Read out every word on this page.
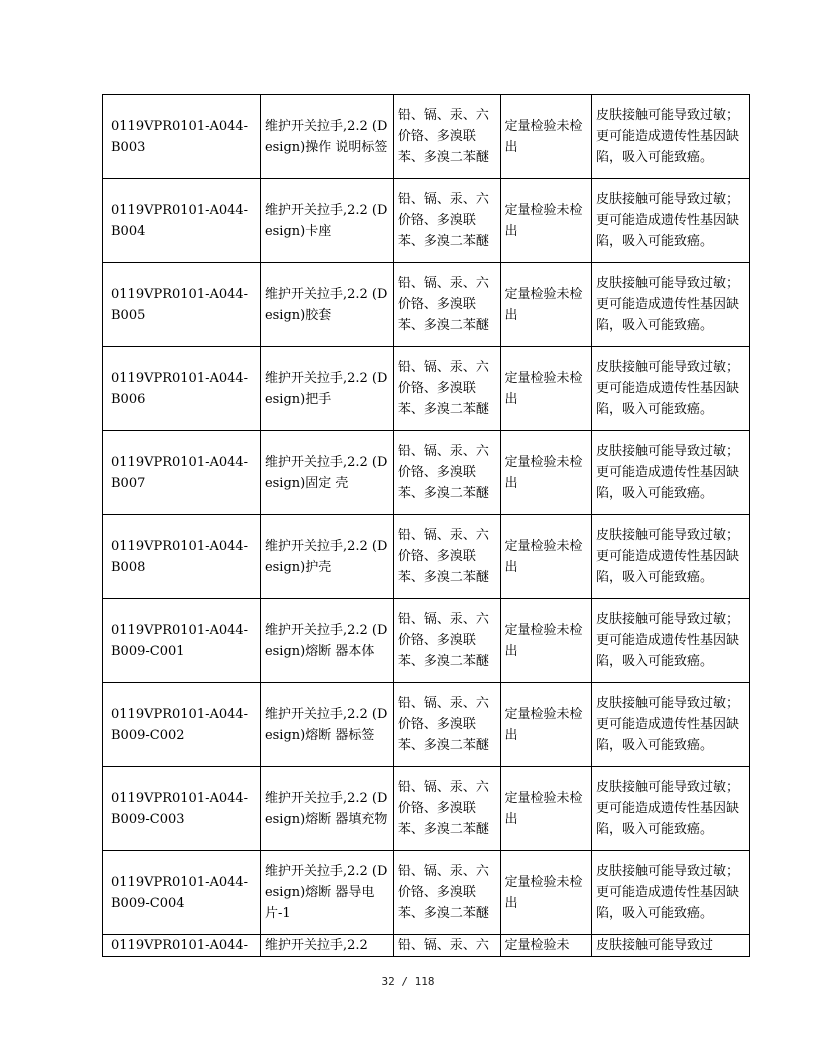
0119VPR0101-A044-B003	维护开关拉手,2.2 (Design)操作 说明标签	铅、镉、汞、六价铬、多溴联苯、多溴二苯醚	定量检验未检出	皮肤接触可能导致过敏；更可能造成遗传性基因缺陷，吸入可能致癌。
0119VPR0101-A044-B004	维护开关拉手,2.2 (Design)卡座	铅、镉、汞、六价铬、多溴联苯、多溴二苯醚	定量检验未检出	皮肤接触可能导致过敏；更可能造成遗传性基因缺陷，吸入可能致癌。
0119VPR0101-A044-B005	维护开关拉手,2.2 (Design)胶套	铅、镉、汞、六价铬、多溴联苯、多溴二苯醚	定量检验未检出	皮肤接触可能导致过敏；更可能造成遗传性基因缺陷，吸入可能致癌。
0119VPR0101-A044-B006	维护开关拉手,2.2 (Design)把手	铅、镉、汞、六价铬、多溴联苯、多溴二苯醚	定量检验未检出	皮肤接触可能导致过敏；更可能造成遗传性基因缺陷，吸入可能致癌。
0119VPR0101-A044-B007	维护开关拉手,2.2 (Design)固定 壳	铅、镉、汞、六价铬、多溴联苯、多溴二苯醚	定量检验未检出	皮肤接触可能导致过敏；更可能造成遗传性基因缺陷，吸入可能致癌。
0119VPR0101-A044-B008	维护开关拉手,2.2 (Design)护壳	铅、镉、汞、六价铬、多溴联苯、多溴二苯醚	定量检验未检出	皮肤接触可能导致过敏；更可能造成遗传性基因缺陷，吸入可能致癌。
0119VPR0101-A044-B009-C001	维护开关拉手,2.2 (Design)熔断 器本体	铅、镉、汞、六价铬、多溴联苯、多溴二苯醚	定量检验未检出	皮肤接触可能导致过敏；更可能造成遗传性基因缺陷，吸入可能致癌。
0119VPR0101-A044-B009-C002	维护开关拉手,2.2 (Design)熔断 器标签	铅、镉、汞、六价铬、多溴联苯、多溴二苯醚	定量检验未检出	皮肤接触可能导致过敏；更可能造成遗传性基因缺陷，吸入可能致癌。
0119VPR0101-A044-B009-C003	维护开关拉手,2.2 (Design)熔断 器填充物	铅、镉、汞、六价铬、多溴联苯、多溴二苯醚	定量检验未检出	皮肤接触可能导致过敏；更可能造成遗传性基因缺陷，吸入可能致癌。
0119VPR0101-A044-B009-C004	维护开关拉手,2.2 (Design)熔断 器导电片-1	铅、镉、汞、六价铬、多溴联苯、多溴二苯醚	定量检验未检出	皮肤接触可能导致过敏；更可能造成遗传性基因缺陷，吸入可能致癌。
0119VPR0101-A044-	维护开关拉手,2.2	铅、镉、汞、六	定量检验未	皮肤接触可能导致过
32 / 118
